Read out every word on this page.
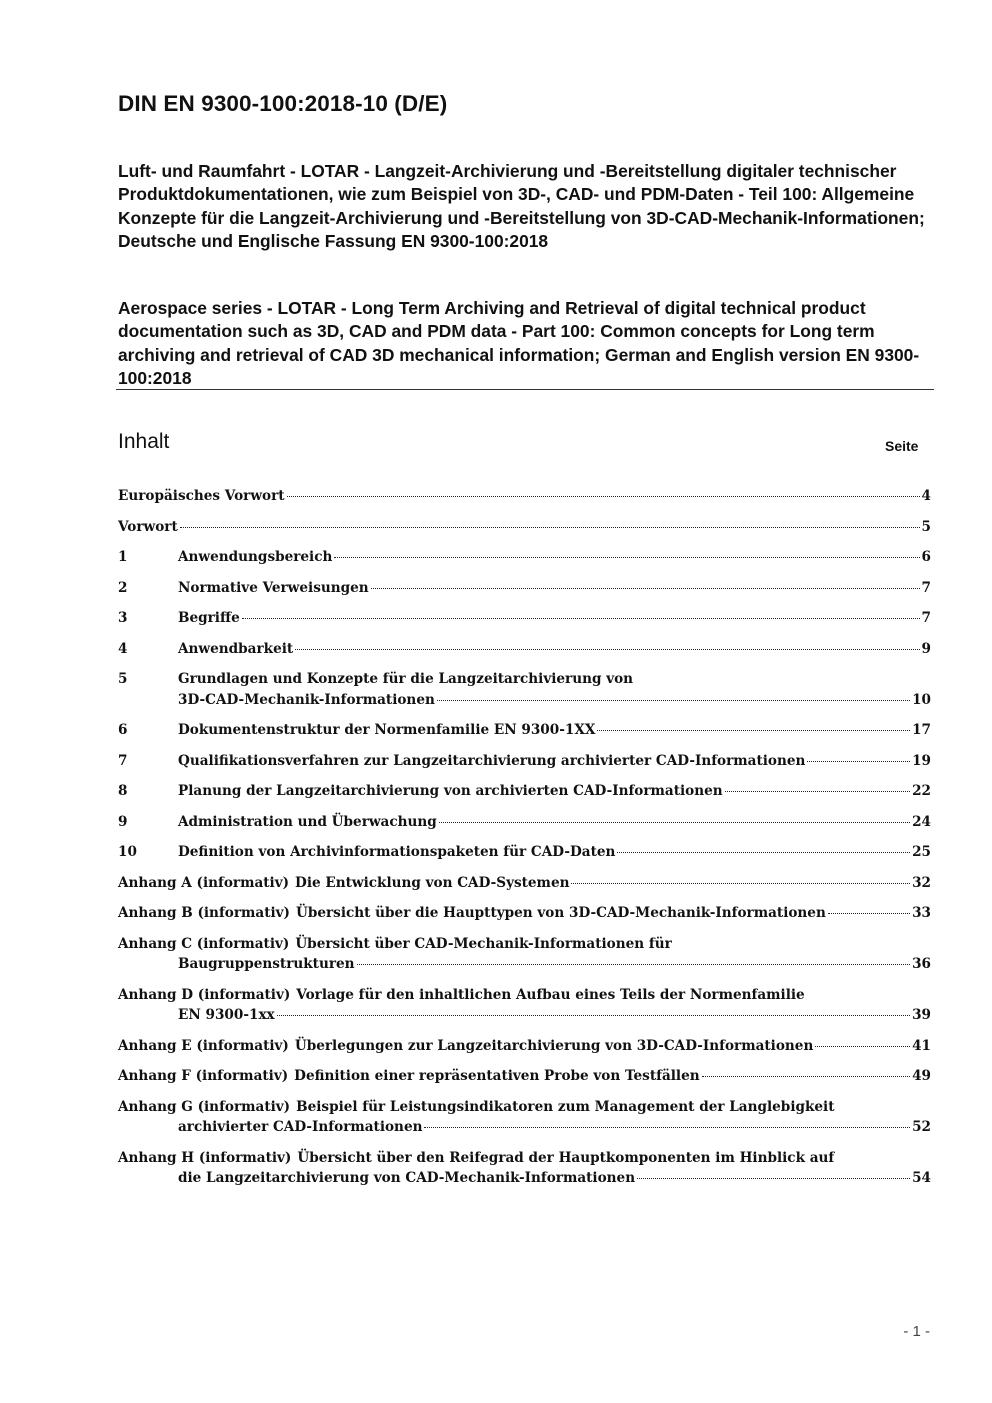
DIN EN 9300-100:2018-10 (D/E)

Luft- und Raumfahrt - LOTAR - Langzeit-Archivierung und -Bereitstellung digitaler technischer Produktdokumentationen, wie zum Beispiel von 3D-, CAD- und PDM-Daten - Teil 100: Allgemeine Konzepte für die Langzeit-Archivierung und -Bereitstellung von 3D-CAD-Mechanik-Informationen; Deutsche und Englische Fassung EN 9300-100:2018

Aerospace series - LOTAR - Long Term Archiving and Retrieval of digital technical product documentation such as 3D, CAD and PDM data - Part 100: Common concepts for Long term archiving and retrieval of CAD 3D mechanical information; German and English version EN 9300-100:2018

Inhalt	Seite
Europäisches Vorwort	4
Vorwort	5
1	Anwendungsbereich	6
2	Normative Verweisungen	7
3	Begriffe	7
4	Anwendbarkeit	9
5	Grundlagen und Konzepte für die Langzeitarchivierung von
3D-CAD-Mechanik-Informationen	10
6	Dokumentenstruktur der Normenfamilie EN 9300-1XX	17
7	Qualifikationsverfahren zur Langzeitarchivierung archivierter CAD-Informationen	19
8	Planung der Langzeitarchivierung von archivierten CAD-Informationen	22
9	Administration und Überwachung	24
10	Definition von Archivinformationspaketen für CAD-Daten	25
Anhang A (informativ) Die Entwicklung von CAD-Systemen	32
Anhang B (informativ) Übersicht über die Haupttypen von 3D-CAD-Mechanik-Informationen	33
Anhang C (informativ) Übersicht über CAD-Mechanik-Informationen für
Baugruppenstrukturen	36
Anhang D (informativ) Vorlage für den inhaltlichen Aufbau eines Teils der Normenfamilie
EN 9300-1xx	39
Anhang E (informativ) Überlegungen zur Langzeitarchivierung von 3D-CAD-Informationen	41
Anhang F (informativ) Definition einer repräsentativen Probe von Testfällen	49
Anhang G (informativ) Beispiel für Leistungsindikatoren zum Management der Langlebigkeit
archivierter CAD-Informationen	52
Anhang H (informativ) Übersicht über den Reifegrad der Hauptkomponenten im Hinblick auf
die Langzeitarchivierung von CAD-Mechanik-Informationen	54
- 1 -
